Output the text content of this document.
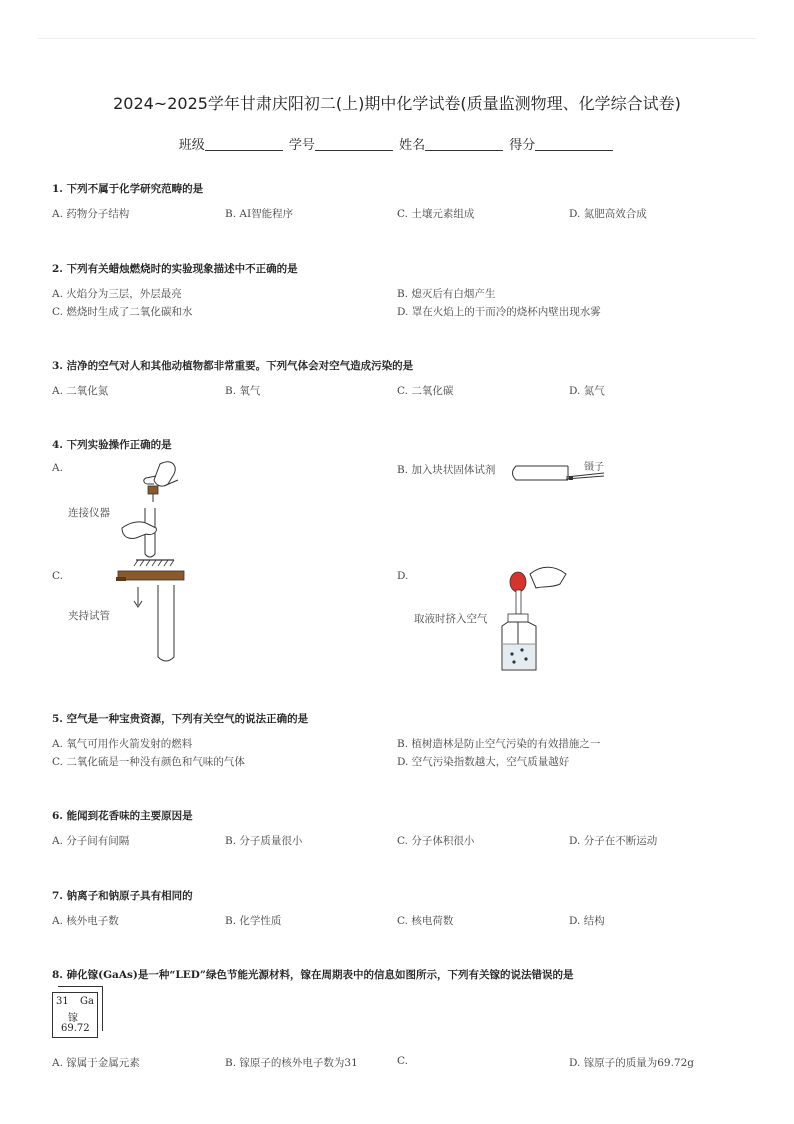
2024~2025学年甘肃庆阳初二(上)期中化学试卷(质量监测物理、化学综合试卷)
班级	学号	姓名	得分
1. 下列不属于化学研究范畴的是
A. 药物分子结构	B. AI智能程序	C. 土壤元素组成	D. 氮肥高效合成
2. 下列有关蜡烛燃烧时的实验现象描述中不正确的是
A. 火焰分为三层，外层最亮	B. 熄灭后有白烟产生
C. 燃烧时生成了二氧化碳和水	D. 罩在火焰上的干而冷的烧杯内壁出现水雾
3. 洁净的空气对人和其他动植物都非常重要。下列气体会对空气造成污染的是
A. 二氧化氮	B. 氧气	C. 二氧化碳	D. 氮气
4. 下列实验操作正确的是
A.	B. 加入块状固体试剂
C.	D.
连接仪器
夹持试管	取液时挤入空气
镊子
5. 空气是一种宝贵资源，下列有关空气的说法正确的是
A. 氧气可用作火箭发射的燃料	B. 植树造林是防止空气污染的有效措施之一
C. 二氧化硫是一种没有颜色和气味的气体	D. 空气污染指数越大，空气质量越好
6. 能闻到花香味的主要原因是
A. 分子间有间隔	B. 分子质量很小	C. 分子体积很小	D. 分子在不断运动
7. 钠离子和钠原子具有相同的
A. 核外电子数	B. 化学性质	C. 核电荷数	D. 结构
8. 砷化镓(GaAs)是一种“LED”绿色节能光源材料，镓在周期表中的信息如图所示，下列有关镓的说法错误的是
31 Ga
镓
69.72
A. 镓属于金属元素	B. 镓原子的核外电子数为31	C.	D. 镓原子的质量为69.72g
